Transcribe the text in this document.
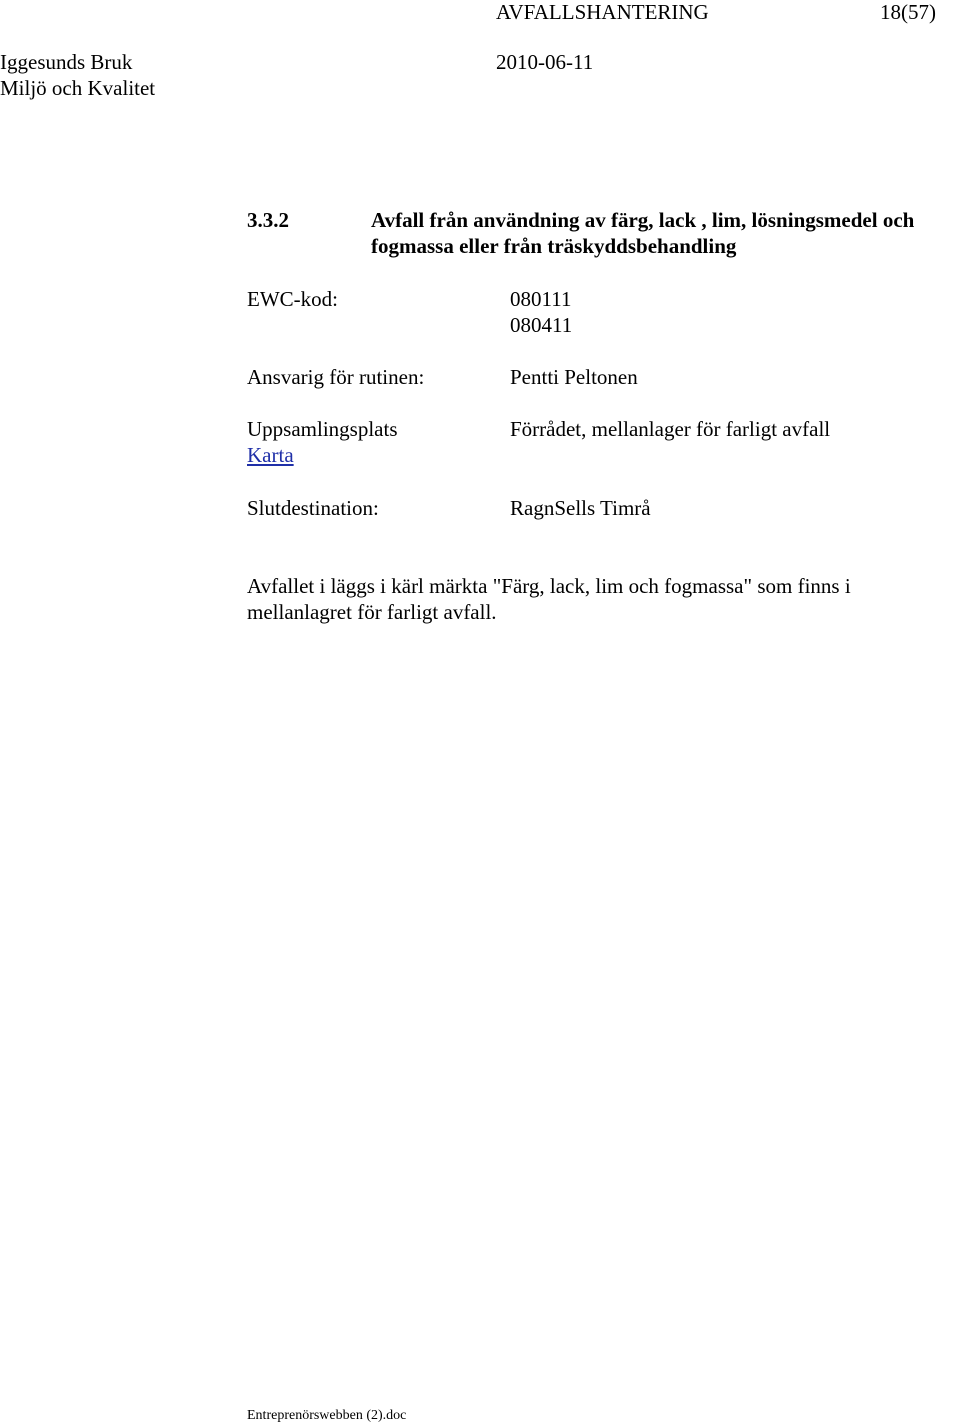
AVFALLSHANTERING	18(57)
Iggesunds Bruk	2010-06-11
Miljö och Kvalitet
3.3.2	Avfall från användning av färg, lack , lim, lösningsmedel och
fogmassa eller från träskyddsbehandling
EWC-kod:	080111
080411
Ansvarig för rutinen:	Pentti Peltonen
Uppsamlingsplats	Förrådet, mellanlager för farligt avfall
Karta
Slutdestination:	RagnSells Timrå
Avfallet i läggs i kärl märkta "Färg, lack, lim och fogmassa" som finns i
mellanlagret för farligt avfall.
Entreprenörswebben (2).doc
